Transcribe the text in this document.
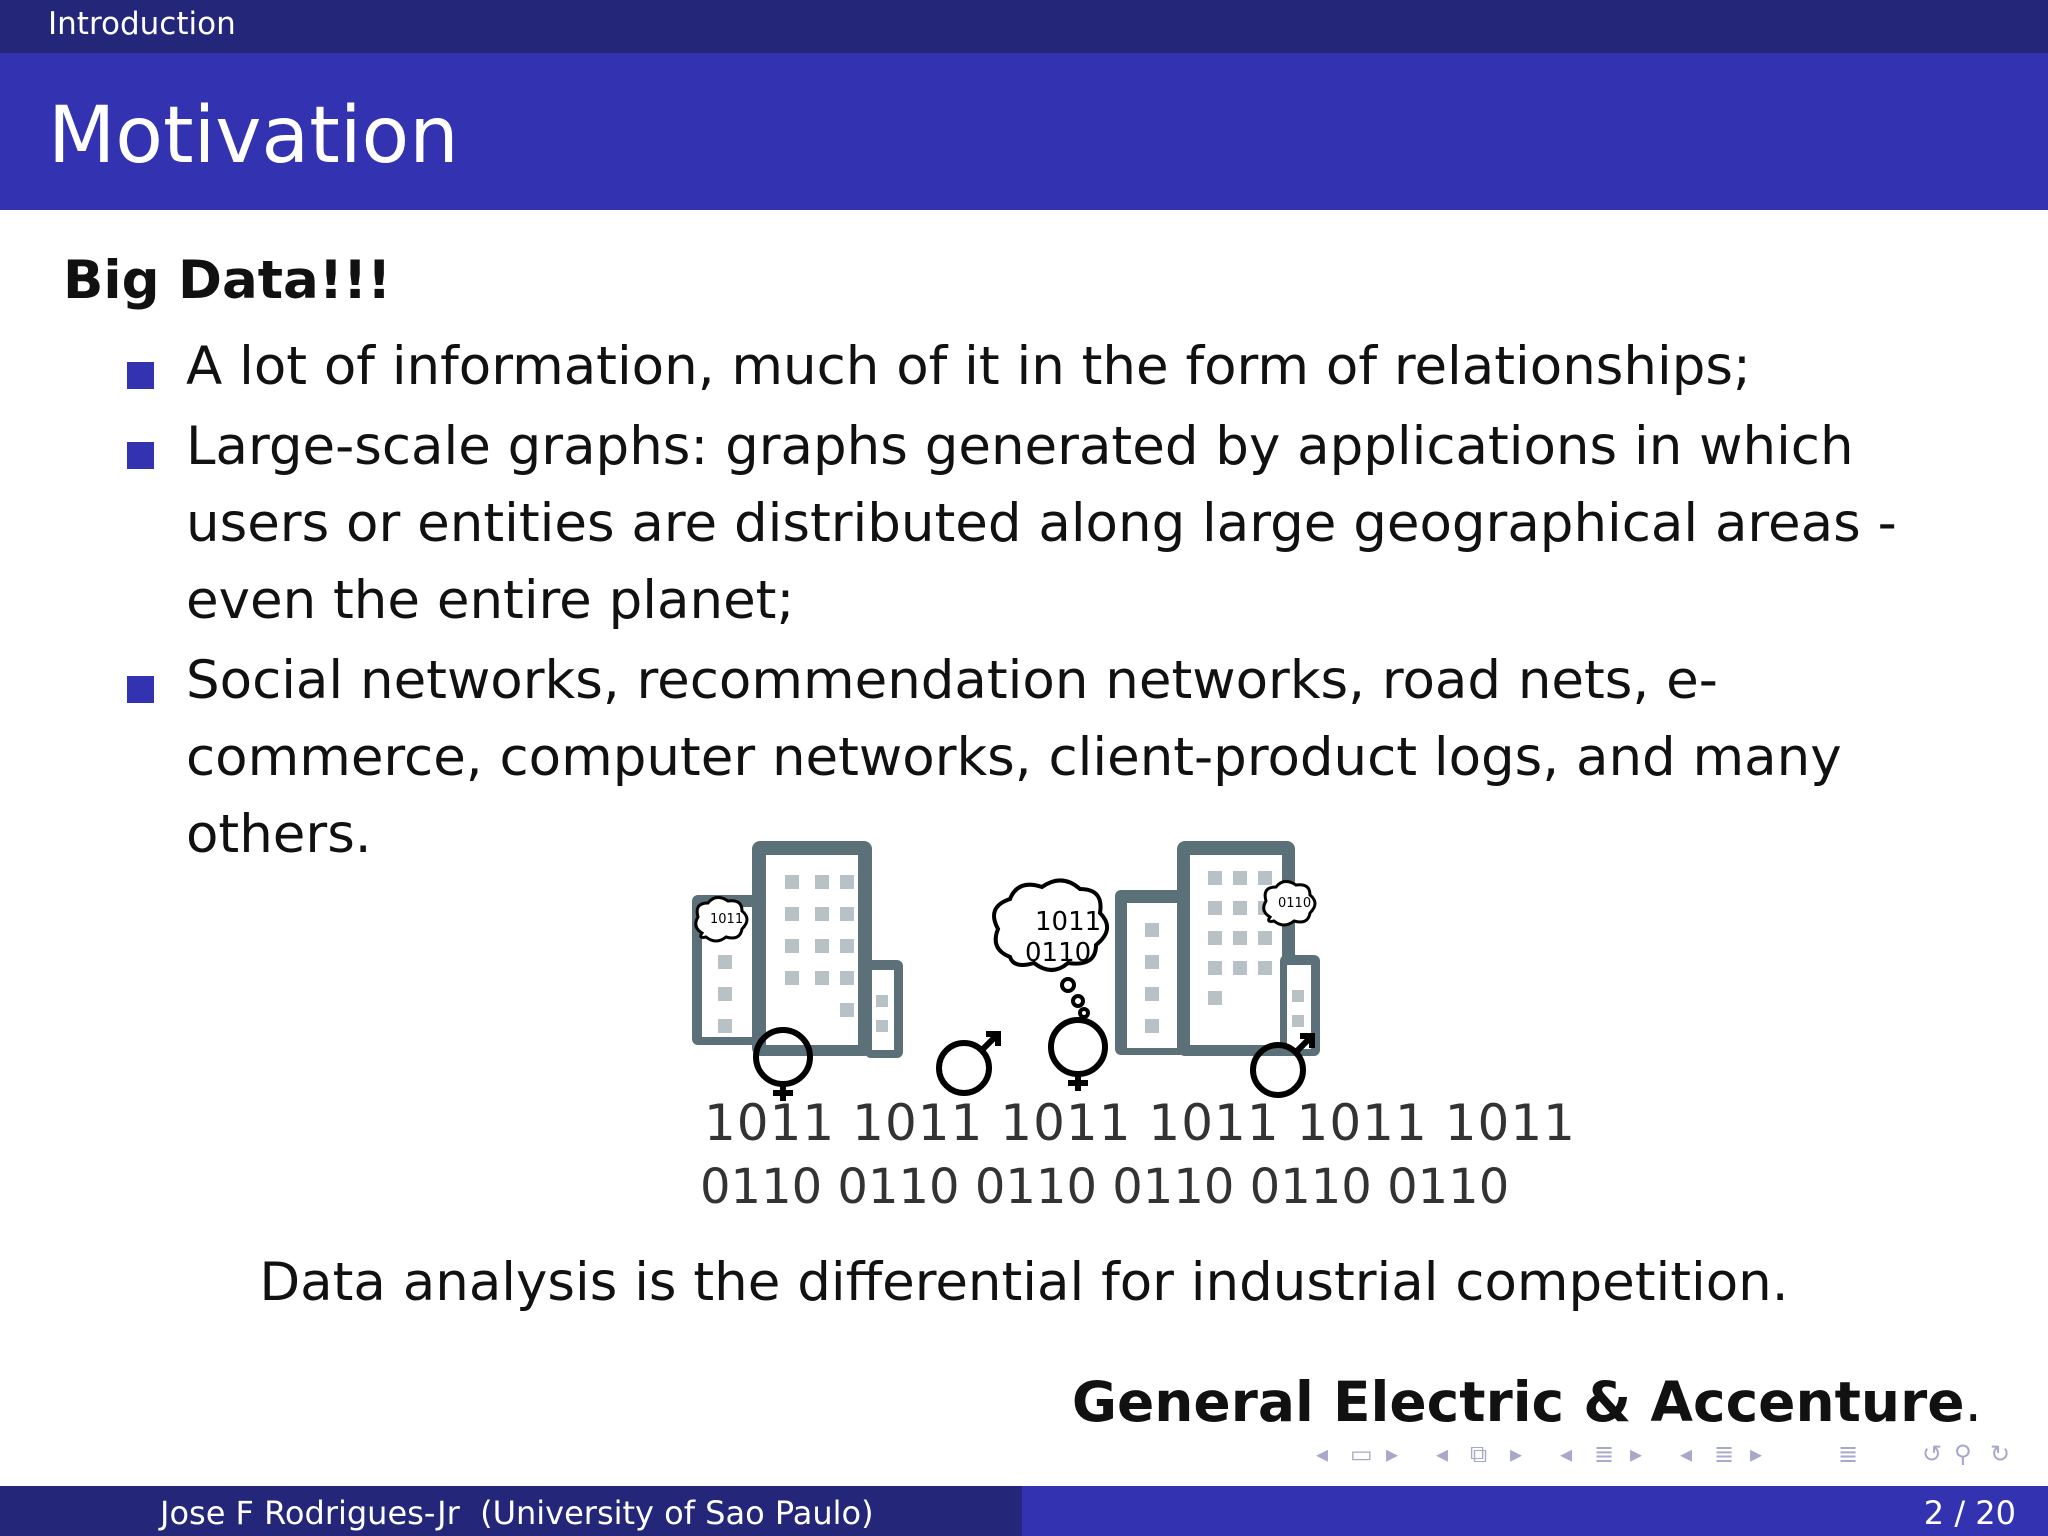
Introduction
Motivation
Big Data!!!
A lot of information, much of it in the form of relationships;
Large-scale graphs: graphs generated by applications in which users or entities are distributed along large geographical areas - even the entire planet;
Social networks, recommendation networks, road nets, e-commerce, computer networks, client-product logs, and many others.
1011
0110
1011
0110
1011 1011 1011 1011 1011 1011
0110 0110 0110 0110 0110 0110
Data analysis is the differential for industrial competition.
General Electric & Accenture.
◂ ▭ ▸ ◂ ⧉ ▸ ◂ ≣ ▸ ◂ ≣ ▸	≣	↺ ⚲ ↻
Jose F Rodrigues-Jr  (University of Sao Paulo)	2 / 20
